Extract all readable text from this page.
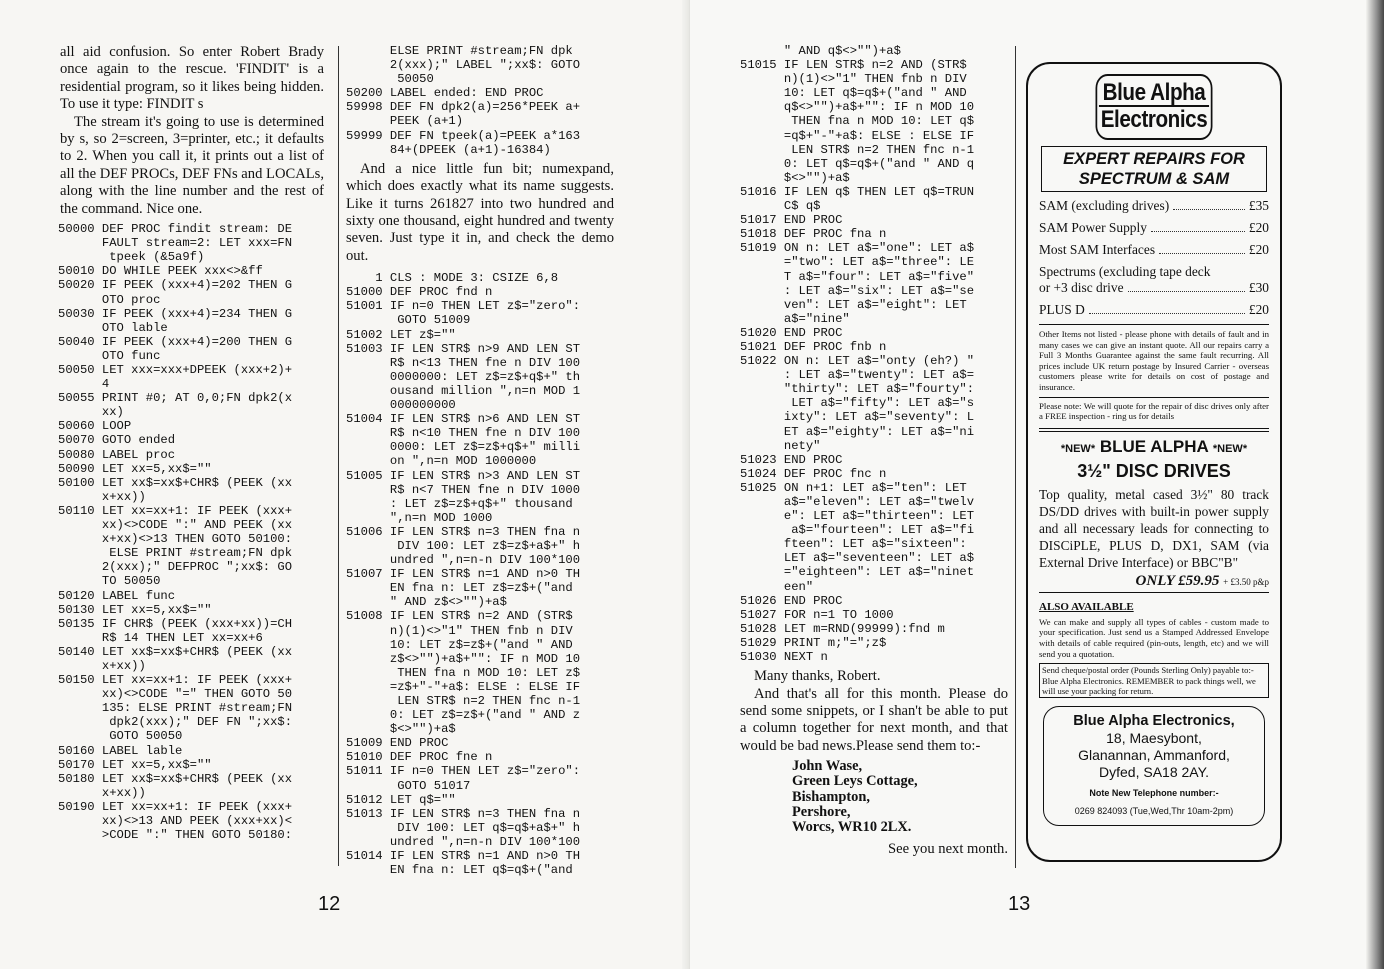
all aid confusion. So enter Robert Brady once again to the rescue. 'FINDIT' is a residential program, so it likes being hidden. To use it type: FINDIT s

The stream it's going to use is determined by s, so 2=screen, 3=printer, etc.; it defaults to 2. When you call it, it prints out a list of all the DEF PROCs, DEF FNs and LOCALs, along with the line number and the rest of the command. Nice one.

50000 DEF PROC findit stream: DE
FAULT stream=2: LET xxx=FN
tpeek (&5a9f)
50010 DO WHILE PEEK xxx<>&ff
50020 IF PEEK (xxx+4)=202 THEN G
OTO proc
50030 IF PEEK (xxx+4)=234 THEN G
OTO lable
50040 IF PEEK (xxx+4)=200 THEN G
OTO func
50050 LET xxx=xxx+DPEEK (xxx+2)+
4
50055 PRINT #0; AT 0,0;FN dpk2(x
xx)
50060 LOOP
50070 GOTO ended
50080 LABEL proc
50090 LET xx=5,xx$=""
50100 LET xx$=xx$+CHR$ (PEEK (xx
x+xx))
50110 LET xx=xx+1: IF PEEK (xxx+
xx)<>CODE ":" AND PEEK (xx
x+xx)<>13 THEN GOTO 50100:
ELSE PRINT #stream;FN dpk
2(xxx);" DEFPROC ";xx$: GO
TO 50050
50120 LABEL func
50130 LET xx=5,xx$=""
50135 IF CHR$ (PEEK (xxx+xx))=CH
R$ 14 THEN LET xx=xx+6
50140 LET xx$=xx$+CHR$ (PEEK (xx
x+xx))
50150 LET xx=xx+1: IF PEEK (xxx+
xx)<>CODE "=" THEN GOTO 50
135: ELSE PRINT #stream;FN
dpk2(xxx);" DEF FN ";xx$:
GOTO 50050
50160 LABEL lable
50170 LET xx=5,xx$=""
50180 LET xx$=xx$+CHR$ (PEEK (xx
x+xx))
50190 LET xx=xx+1: IF PEEK (xxx+
xx)<>13 AND PEEK (xxx+xx)<
>CODE ":" THEN GOTO 50180:
ELSE PRINT #stream;FN dpk
2(xxx);" LABEL ";xx$: GOTO
50050
50200 LABEL ended: END PROC
59998 DEF FN dpk2(a)=256*PEEK a+
PEEK (a+1)
59999 DEF FN tpeek(a)=PEEK a*163
84+(DPEEK (a+1)-16384)

And a nice little fun bit; numexpand, which does exactly what its name suggests. Like it turns 261827 into two hundred and sixty one thousand, eight hundred and twenty seven. Just type it in, and check the demo out.

1 CLS : MODE 3: CSIZE 6,8
51000 DEF PROC fnd n
51001 IF n=0 THEN LET z$="zero":
GOTO 51009
51002 LET z$=""
51003 IF LEN STR$ n>9 AND LEN ST
R$ n<13 THEN fne n DIV 100
0000000: LET z$=z$+q$+" th
ousand million ",n=n MOD 1
000000000
51004 IF LEN STR$ n>6 AND LEN ST
R$ n<10 THEN fne n DIV 100
0000: LET z$=z$+q$+" milli
on ",n=n MOD 1000000
51005 IF LEN STR$ n>3 AND LEN ST
R$ n<7 THEN fne n DIV 1000
: LET z$=z$+q$+" thousand
",n=n MOD 1000
51006 IF LEN STR$ n=3 THEN fna n
DIV 100: LET z$=z$+a$+" h
undred ",n=n-n DIV 100*100
51007 IF LEN STR$ n=1 AND n>0 TH
EN fna n: LET z$=z$+("and
" AND z$<>"")+a$
51008 IF LEN STR$ n=2 AND (STR$
n)(1)<>"1" THEN fnb n DIV
10: LET z$=z$+("and " AND
z$<>"")+a$+"": IF n MOD 10
THEN fna n MOD 10: LET z$
=z$+"-"+a$: ELSE : ELSE IF
LEN STR$ n=2 THEN fnc n-1
0: LET z$=z$+("and " AND z
$<>"")+a$
51009 END PROC
51010 DEF PROC fne n
51011 IF n=0 THEN LET z$="zero":
GOTO 51017
51012 LET q$=""
51013 IF LEN STR$ n=3 THEN fna n
DIV 100: LET q$=q$+a$+" h
undred ",n=n-n DIV 100*100
51014 IF LEN STR$ n=1 AND n>0 TH
EN fna n: LET q$=q$+("and
12
" AND q$<>"")+a$
51015 IF LEN STR$ n=2 AND (STR$
n)(1)<>"1" THEN fnb n DIV
10: LET q$=q$+("and " AND
q$<>"")+a$+"": IF n MOD 10
THEN fna n MOD 10: LET q$
=q$+"-"+a$: ELSE : ELSE IF
LEN STR$ n=2 THEN fnc n-1
0: LET q$=q$+("and " AND q
$<>"")+a$
51016 IF LEN q$ THEN LET q$=TRUN
C$ q$
51017 END PROC
51018 DEF PROC fna n
51019 ON n: LET a$="one": LET a$
="two": LET a$="three": LE
T a$="four": LET a$="five"
: LET a$="six": LET a$="se
ven": LET a$="eight": LET
a$="nine"
51020 END PROC
51021 DEF PROC fnb n
51022 ON n: LET a$="onty (eh?) "
: LET a$="twenty": LET a$=
"thirty": LET a$="fourty":
LET a$="fifty": LET a$="s
ixty": LET a$="seventy": L
ET a$="eighty": LET a$="ni
nety"
51023 END PROC
51024 DEF PROC fnc n
51025 ON n+1: LET a$="ten": LET
a$="eleven": LET a$="twelv
e": LET a$="thirteen": LET
a$="fourteen": LET a$="fi
fteen": LET a$="sixteen":
LET a$="seventeen": LET a$
="eighteen": LET a$="ninet
een"
51026 END PROC
51027 FOR n=1 TO 1000
51028 LET m=RND(99999):fnd m
51029 PRINT m;"=";z$
51030 NEXT n

Many thanks, Robert.

And that's all for this month. Please do send some snippets, or I shan't be able to put a column together for next month, and that would be bad news.Please send them to:-

John Wase,
Green Leys Cottage,
Bishampton,
Pershore,
Worcs, WR10 2LX.
See you next month.
13
Blue Alpha
Electronics
EXPERT REPAIRS FOR SPECTRUM & SAM
SAM (excluding drives)	£35
SAM Power Supply	£20
Most SAM Interfaces	£20
Spectrums (excluding tape deck
or +3 disc drive	£30
PLUS D	£20
Other Items not listed - please phone with details of fault and in many cases we can give an instant quote. All our repairs carry a Full 3 Months Guarantee against the same fault recurring. All prices include UK return postage by Insured Carrier - overseas customers please write for details on cost of postage and insurance.
Please note: We will quote for the repair of disc drives only after a FREE inspection - ring us for details
*NEW* BLUE ALPHA *NEW*
3½" DISC DRIVES
Top quality, metal cased 3½" 80 track DS/DD drives with built-in power supply and all necessary leads for connecting to DISCiPLE, PLUS D, DX1, SAM (via External Drive Interface) or BBC"B"
ONLY £59.95 + £3.50 p&p
ALSO AVAILABLE
We can make and supply all types of cables - custom made to your specification. Just send us a Stamped Addressed Envelope with details of cable required (pin-outs, length, etc) and we will send you a quotation.
Send cheque/postal order (Pounds Sterling Only) payable to:- Blue Alpha Electronics. REMEMBER to pack things well, we will use your packing for return.
Blue Alpha Electronics,
18, Maesybont,
Glanannan, Ammanford,
Dyfed, SA18 2AY.
Note New Telephone number:-
0269 824093 (Tue,Wed,Thr 10am-2pm)
